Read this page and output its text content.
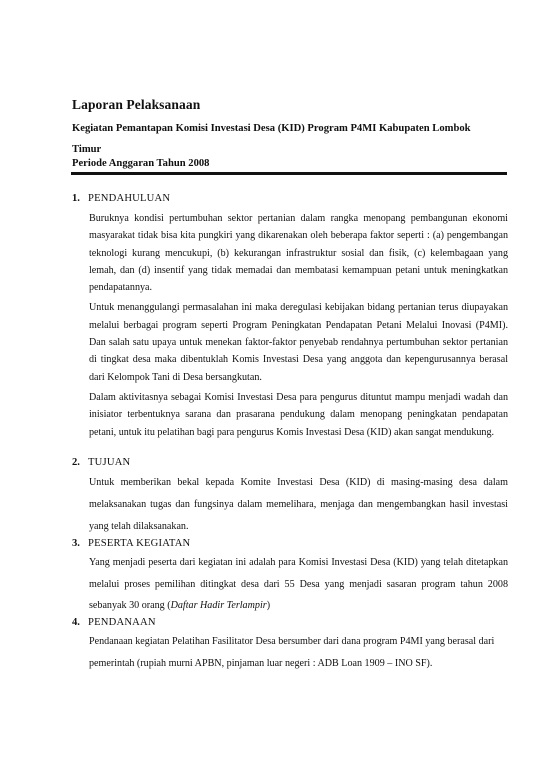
Laporan Pelaksanaan
Kegiatan Pemantapan Komisi Investasi Desa (KID) Program P4MI Kabupaten Lombok
Timur
Periode Anggaran Tahun 2008
1. PENDAHULUAN

Buruknya kondisi pertumbuhan sektor pertanian dalam rangka menopang pembangunan ekonomi masyarakat tidak bisa kita pungkiri yang dikarenakan oleh beberapa faktor seperti : (a) pengembangan teknologi kurang mencukupi, (b) kekurangan infrastruktur sosial dan fisik, (c) kelembagaan yang lemah, dan (d) insentif yang tidak memadai dan membatasi kemampuan petani untuk meningkatkan pendapatannya.

Untuk menanggulangi permasalahan ini maka deregulasi kebijakan bidang pertanian terus diupayakan melalui berbagai program seperti Program Peningkatan Pendapatan Petani Melalui Inovasi (P4MI). Dan salah satu upaya untuk menekan faktor-faktor penyebab rendahnya pertumbuhan sektor pertanian di tingkat desa maka dibentuklah Komis Investasi Desa yang anggota dan kepengurusannya berasal dari Kelompok Tani di Desa bersangkutan.

Dalam aktivitasnya sebagai Komisi Investasi Desa para pengurus dituntut mampu menjadi wadah dan inisiator terbentuknya sarana dan prasarana pendukung dalam menopang peningkatan pendapatan petani, untuk itu pelatihan bagi para pengurus Komis Investasi Desa (KID) akan sangat mendukung.

2. TUJUAN

Untuk memberikan bekal kepada Komite Investasi Desa (KID) di masing-masing desa dalam melaksanakan tugas dan fungsinya dalam memelihara, menjaga dan mengembangkan hasil investasi yang telah dilaksanakan.

3. PESERTA KEGIATAN

Yang menjadi peserta dari kegiatan ini adalah para Komisi Investasi Desa (KID) yang telah ditetapkan melalui proses pemilihan ditingkat desa dari 55 Desa yang menjadi sasaran program tahun 2008 sebanyak 30 orang (Daftar Hadir Terlampir)

4. PENDANAAN

Pendanaan kegiatan Pelatihan Fasilitator Desa bersumber dari dana program P4MI yang berasal dari pemerintah (rupiah murni APBN, pinjaman luar negeri : ADB Loan 1909 – INO SF).
